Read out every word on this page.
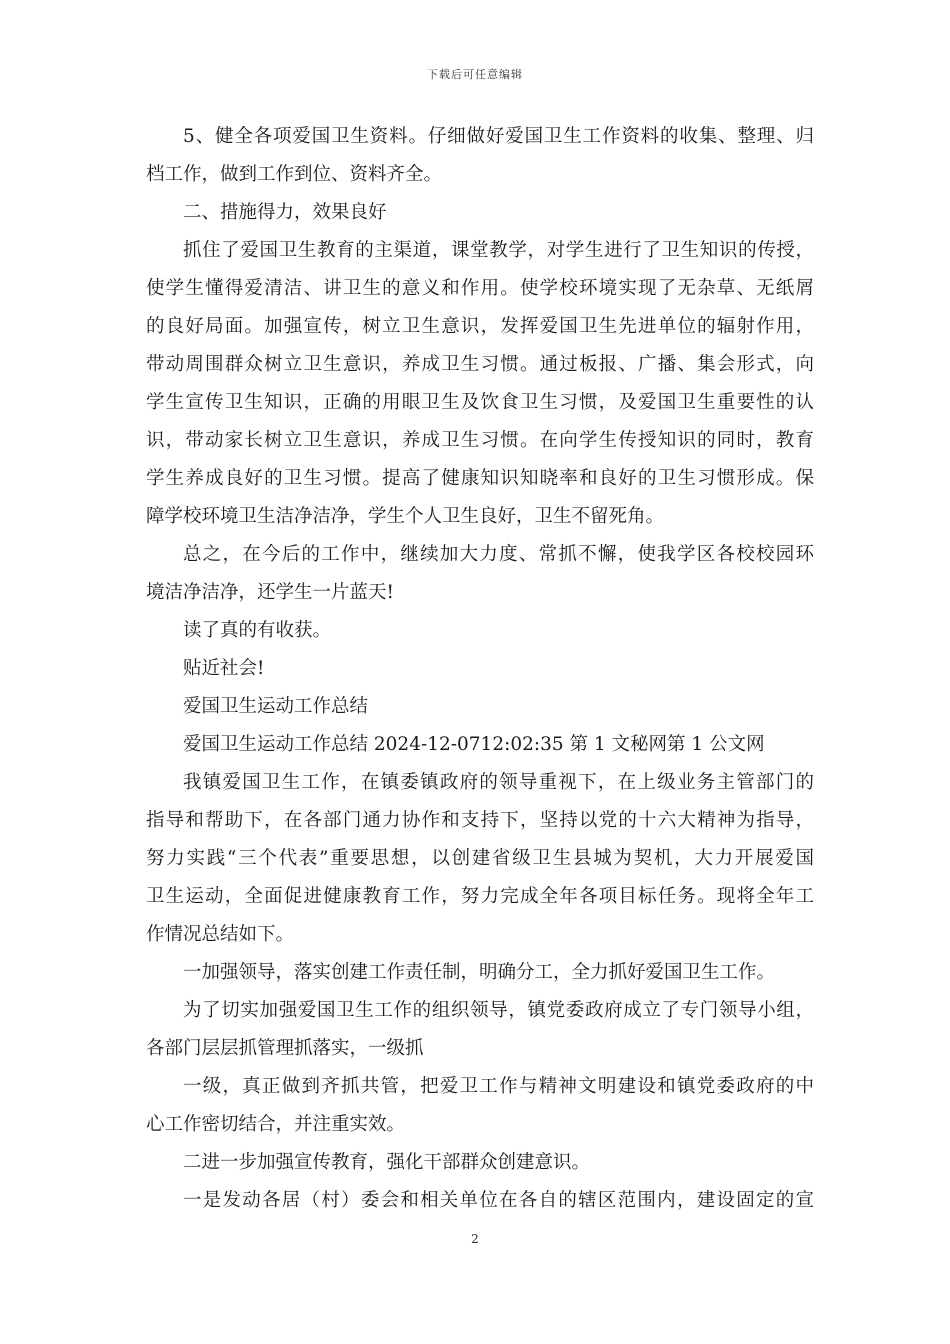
下载后可任意编辑
5、健全各项爱国卫生资料。仔细做好爱国卫生工作资料的收集、整理、归
档工作，做到工作到位、资料齐全。
二、措施得力，效果良好
抓住了爱国卫生教育的主渠道，课堂教学，对学生进行了卫生知识的传授，
使学生懂得爱清洁、讲卫生的意义和作用。使学校环境实现了无杂草、无纸屑
的良好局面。加强宣传，树立卫生意识，发挥爱国卫生先进单位的辐射作用，
带动周围群众树立卫生意识，养成卫生习惯。通过板报、广播、集会形式，向
学生宣传卫生知识，正确的用眼卫生及饮食卫生习惯，及爱国卫生重要性的认
识，带动家长树立卫生意识，养成卫生习惯。在向学生传授知识的同时，教育
学生养成良好的卫生习惯。提高了健康知识知晓率和良好的卫生习惯形成。保
障学校环境卫生洁净洁净，学生个人卫生良好，卫生不留死角。
总之，在今后的工作中，继续加大力度、常抓不懈，使我学区各校校园环
境洁净洁净，还学生一片蓝天!
读了真的有收获。
贴近社会!
爱国卫生运动工作总结
爱国卫生运动工作总结 2024-12-0712:02:35 第 1 文秘网第 1 公文网
我镇爱国卫生工作，在镇委镇政府的领导重视下，在上级业务主管部门的
指导和帮助下，在各部门通力协作和支持下，坚持以党的十六大精神为指导，
努力实践“三个代表”重要思想，以创建省级卫生县城为契机，大力开展爱国
卫生运动，全面促进健康教育工作，努力完成全年各项目标任务。现将全年工
作情况总结如下。
一加强领导，落实创建工作责任制，明确分工，全力抓好爱国卫生工作。
为了切实加强爱国卫生工作的组织领导，镇党委政府成立了专门领导小组，
各部门层层抓管理抓落实，一级抓
一级，真正做到齐抓共管，把爱卫工作与精神文明建设和镇党委政府的中
心工作密切结合，并注重实效。
二进一步加强宣传教育，强化干部群众创建意识。
一是发动各居（村）委会和相关单位在各自的辖区范围内，建设固定的宣
2
